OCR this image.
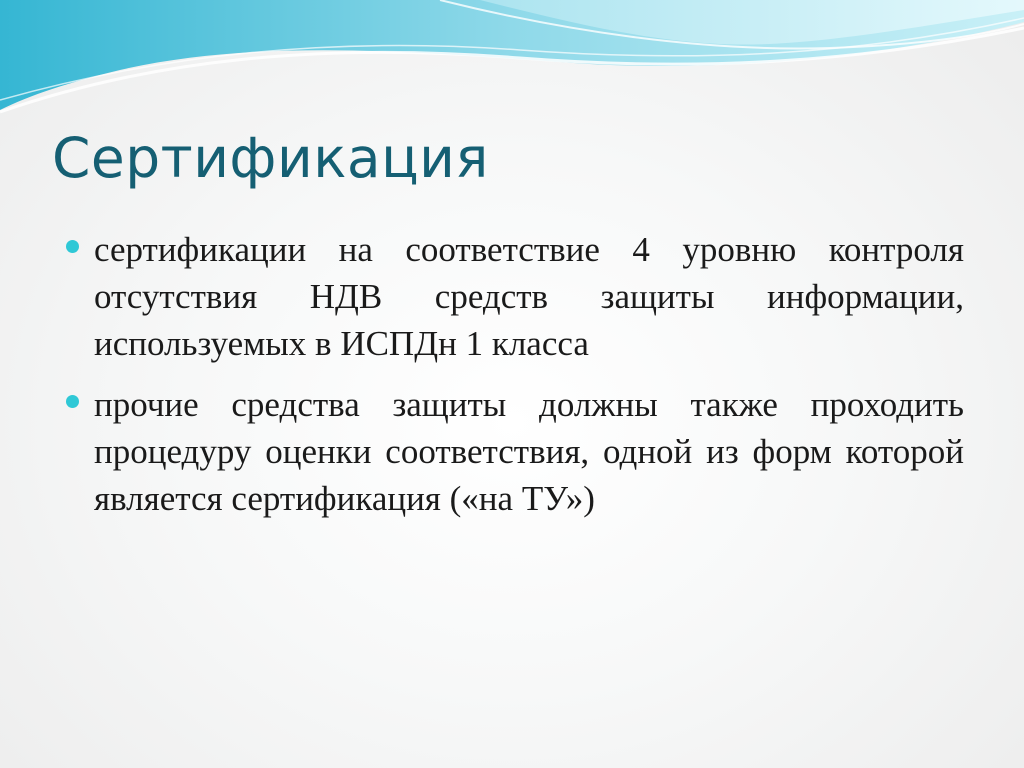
Сертификация
сертификации на соответствие 4 уровню контроля отсутствия НДВ средств защиты информации, используемых в ИСПДн 1 класса
прочие средства защиты должны также проходить процедуру оценки соответствия, одной из форм которой является сертификация («на ТУ»)
